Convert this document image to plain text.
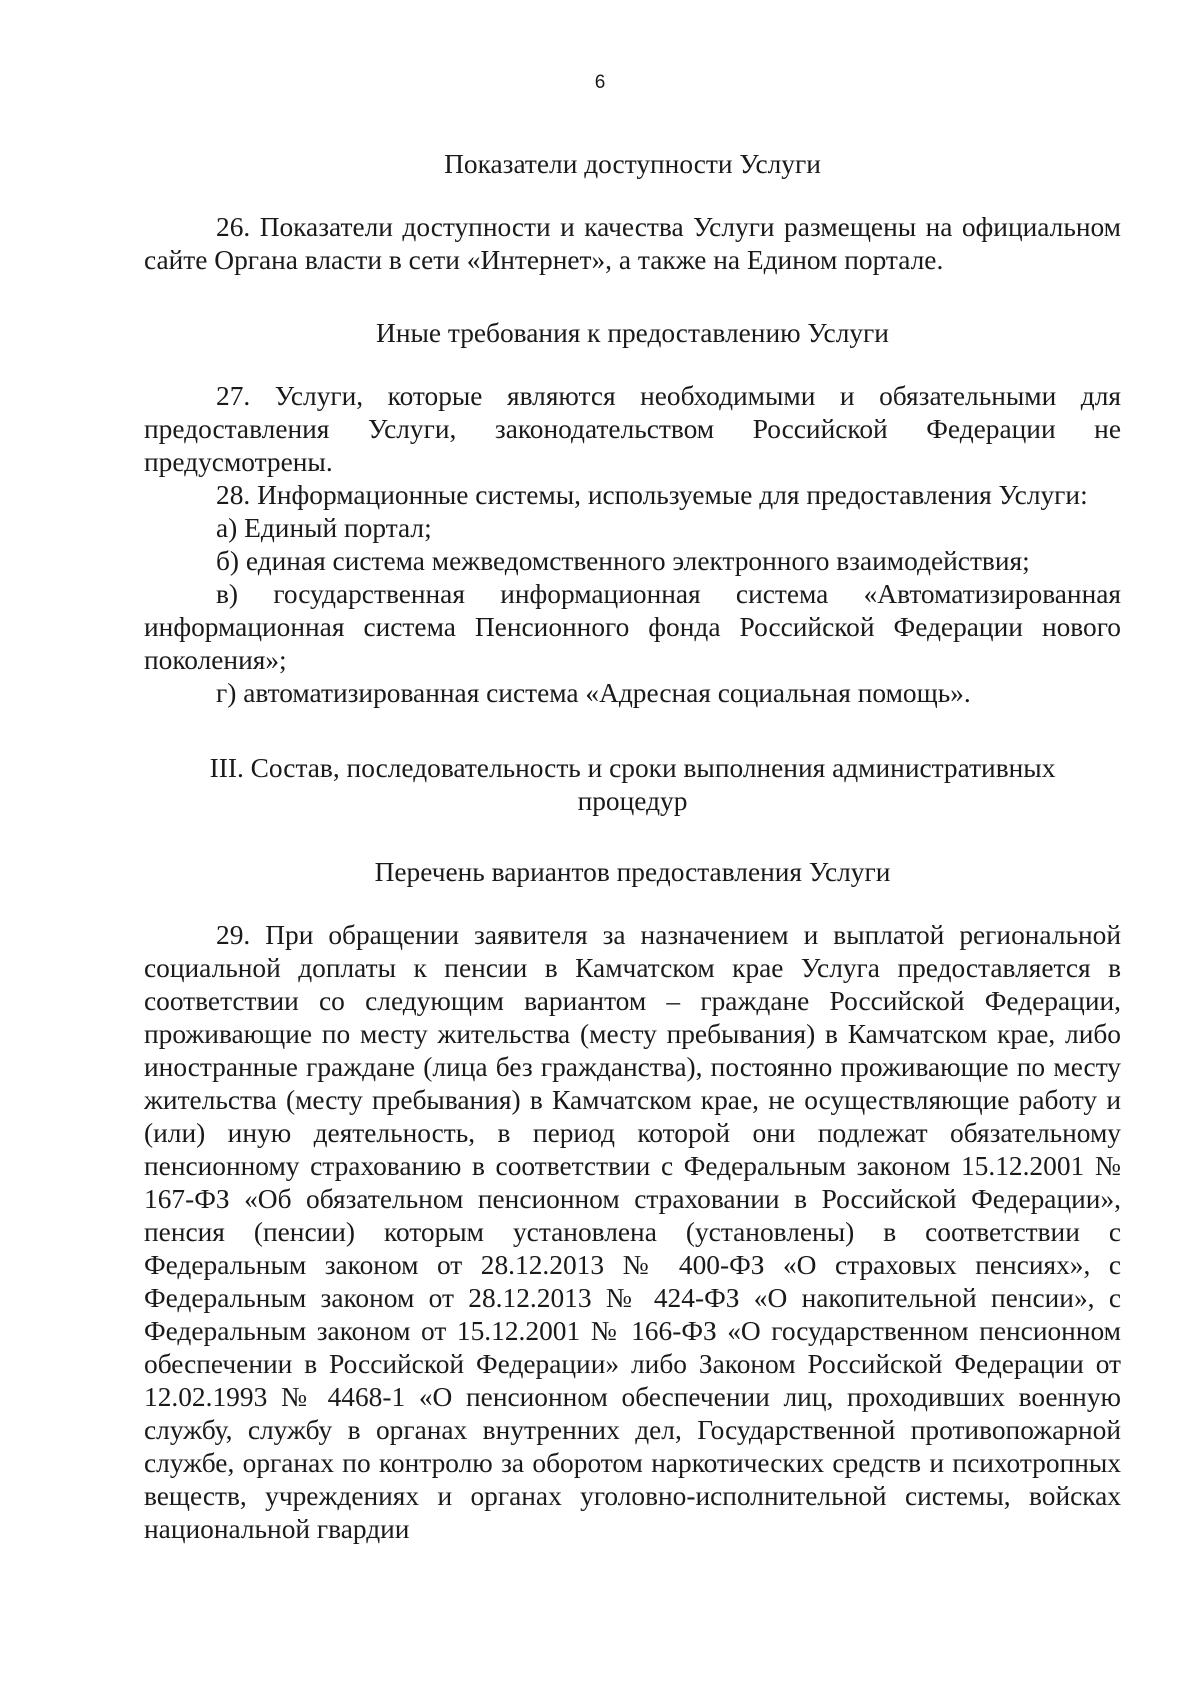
6
Показатели доступности Услуги

26. Показатели доступности и качества Услуги размещены на официальном сайте Органа власти в сети «Интернет», а также на Едином портале.

Иные требования к предоставлению Услуги

27. Услуги, которые являются необходимыми и обязательными для предоставления Услуги, законодательством Российской Федерации не предусмотрены.

28. Информационные системы, используемые для предоставления Услуги:

а) Единый портал;

б) единая система межведомственного электронного взаимодействия;

в) государственная информационная система «Автоматизированная информационная система Пенсионного фонда Российской Федерации нового поколения»;

г) автоматизированная система «Адресная социальная помощь».

III. Состав, последовательность и сроки выполнения административных
процедур
Перечень вариантов предоставления Услуги

29. При обращении заявителя за назначением и выплатой региональной социальной доплаты к пенсии в Камчатском крае Услуга предоставляется в соответствии со следующим вариантом – граждане Российской Федерации, проживающие по месту жительства (месту пребывания) в Камчатском крае, либо иностранные граждане (лица без гражданства), постоянно проживающие по месту жительства (месту пребывания) в Камчатском крае, не осуществляющие работу и (или) иную деятельность, в период которой они подлежат обязательному пенсионному страхованию в соответствии с Федеральным законом 15.12.2001 № 167-ФЗ «Об обязательном пенсионном страховании в Российской Федерации», пенсия (пенсии) которым установлена (установлены) в соответствии с Федеральным законом от 28.12.2013 № 400-ФЗ «О страховых пенсиях», с Федеральным законом от 28.12.2013 № 424-ФЗ «О накопительной пенсии», с Федеральным законом от 15.12.2001 № 166-ФЗ «О государственном пенсионном обеспечении в Российской Федерации» либо Законом Российской Федерации от 12.02.1993 № 4468-1 «О пенсионном обеспечении лиц, проходивших военную службу, службу в органах внутренних дел, Государственной противопожарной службе, органах по контролю за оборотом наркотических средств и психотропных веществ, учреждениях и органах уголовно-исполнительной системы, войсках национальной гвардии
